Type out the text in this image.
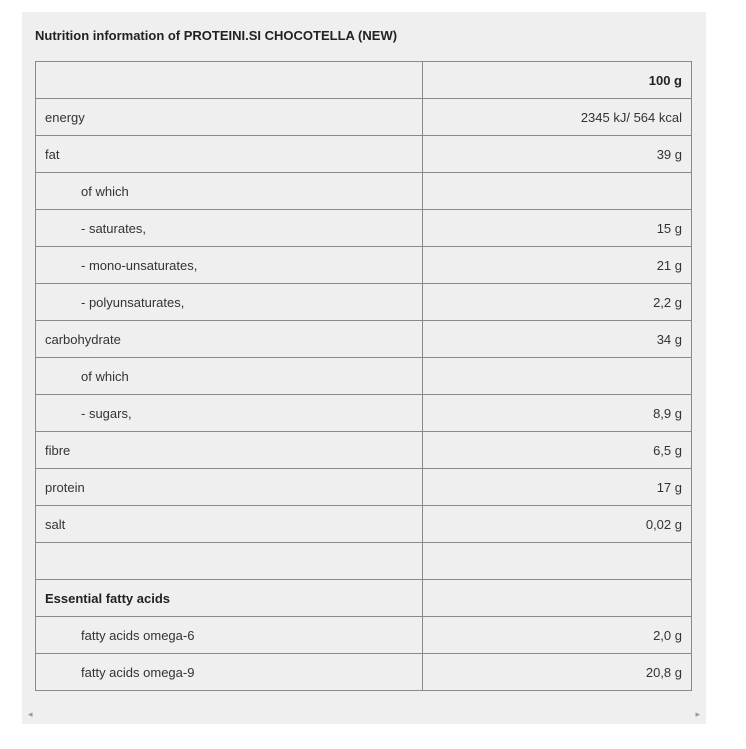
Nutrition information of PROTEINI.SI CHOCOTELLA (NEW)
	100 g
energy	2345 kJ/ 564 kcal
fat	39 g
of which	
- saturates,	15 g
- mono-unsaturates,	21 g
- polyunsaturates,	2,2 g
carbohydrate	34 g
of which	
- sugars,	8,9 g
fibre	6,5 g
protein	17 g
salt	0,02 g

Essential fatty acids	
fatty acids omega-6	2,0 g
fatty acids omega-9	20,8 g
◂	▸
